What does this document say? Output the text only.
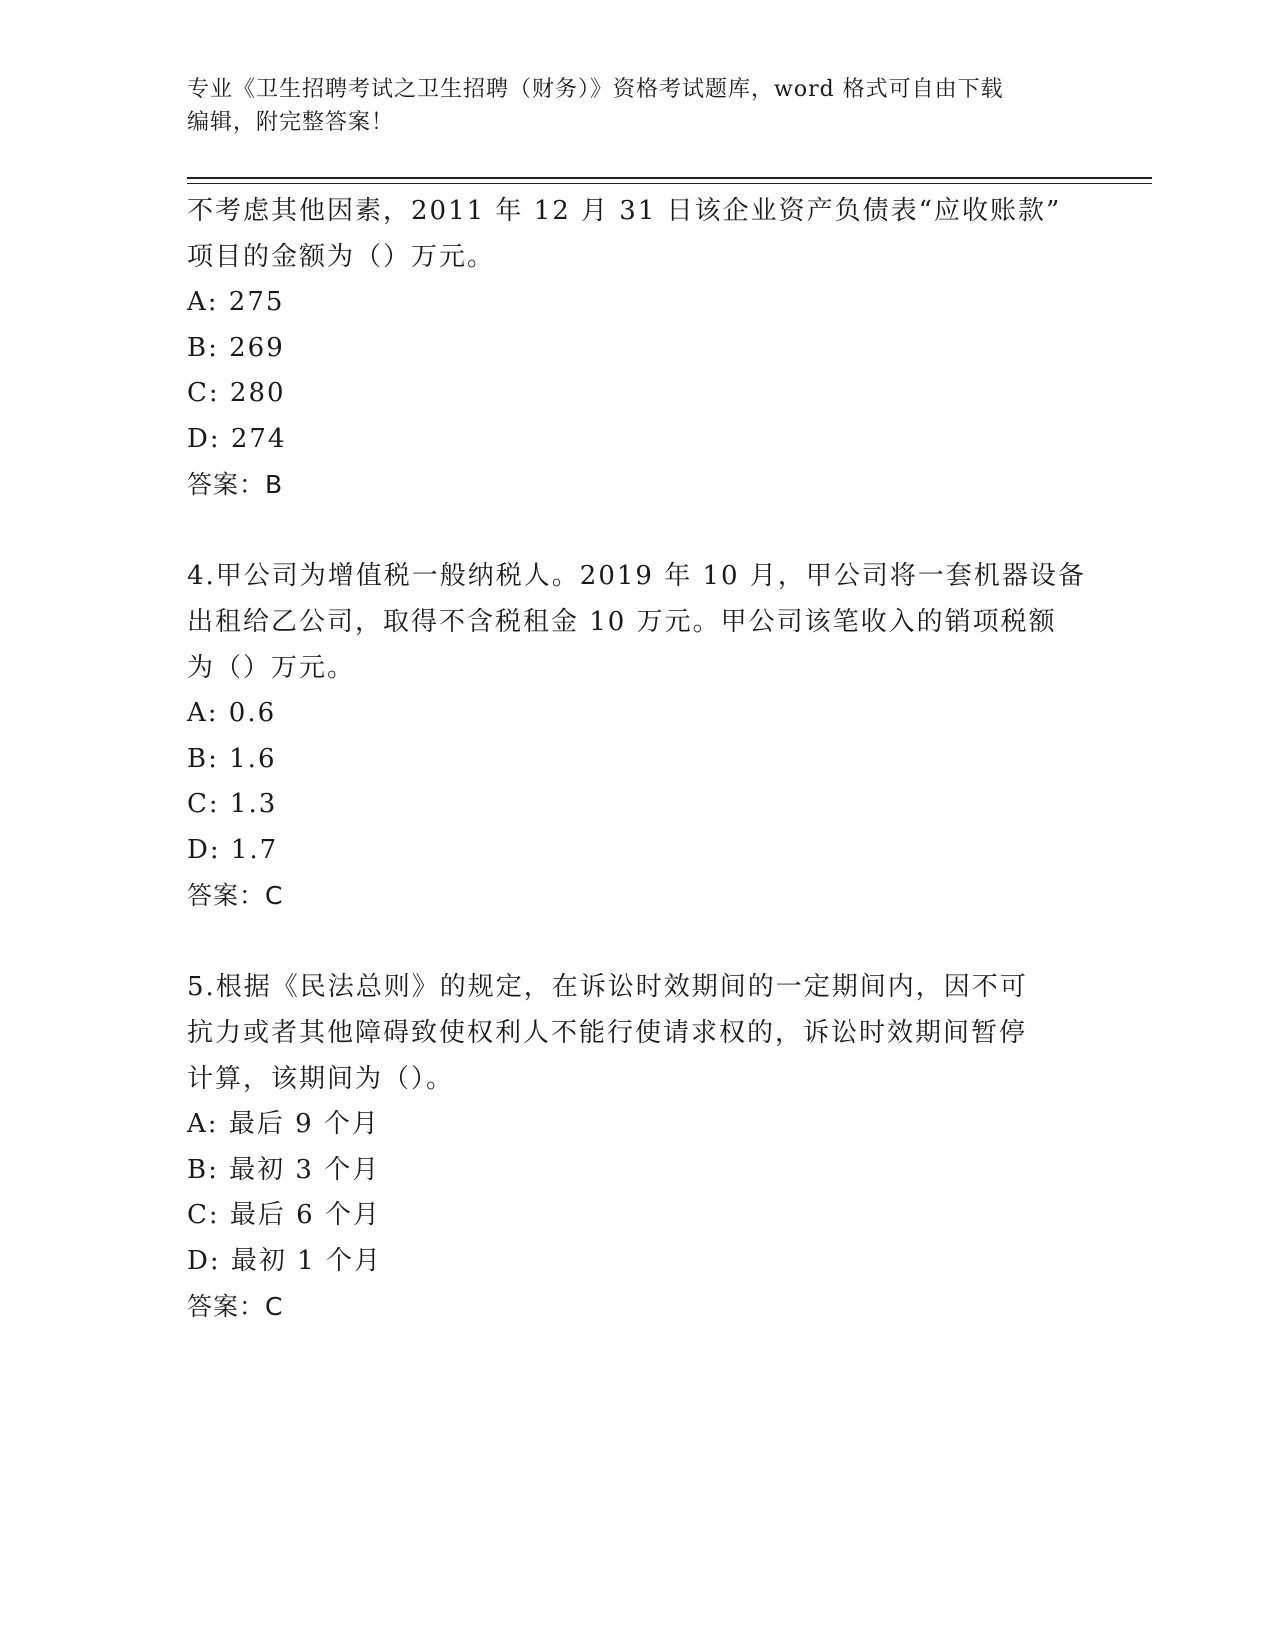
专业《卫生招聘考试之卫生招聘（财务）》资格考试题库，word 格式可自由下载
编辑，附完整答案！

不考虑其他因素，2011 年 12 月 31 日该企业资产负债表“应收账款”

项目的金额为（）万元。

A: 275

B: 269

C: 280

D: 274

答案：B

4.甲公司为增值税一般纳税人。2019 年 10 月，甲公司将一套机器设备

出租给乙公司，取得不含税租金 10 万元。甲公司该笔收入的销项税额

为（）万元。

A: 0.6

B: 1.6

C: 1.3

D: 1.7

答案：C

5.根据《民法总则》的规定，在诉讼时效期间的一定期间内，因不可

抗力或者其他障碍致使权利人不能行使请求权的，诉讼时效期间暂停

计算，该期间为（）。

A: 最后 9 个月

B: 最初 3 个月

C: 最后 6 个月

D: 最初 1 个月

答案：C
